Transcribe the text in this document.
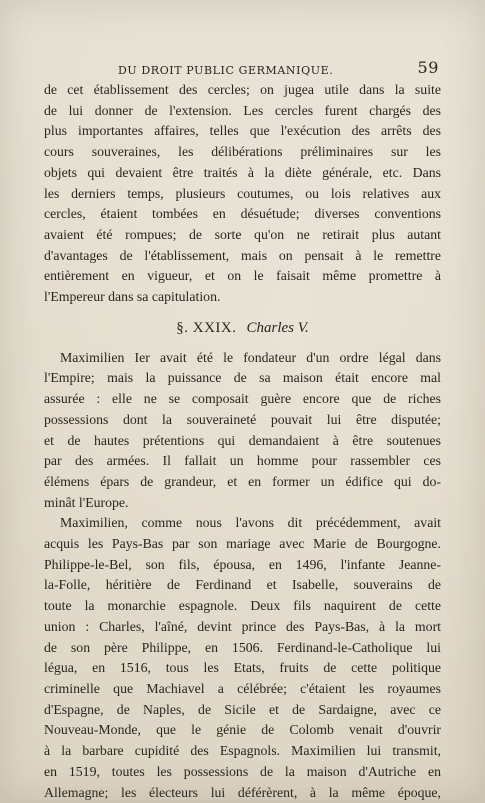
DU DROIT PUBLIC GERMANIQUE.	59
de cet établissement des cercles; on jugea utile dans la suite
de lui donner de l'extension. Les cercles furent chargés des
plus importantes affaires, telles que l'exécution des arrêts des
cours souveraines, les délibérations préliminaires sur les
objets qui devaient être traités à la diète générale, etc. Dans
les derniers temps, plusieurs coutumes, ou lois relatives aux
cercles, étaient tombées en désuétude; diverses conventions
avaient été rompues; de sorte qu'on ne retirait plus autant
d'avantages de l'établissement, mais on pensait à le remettre
entièrement en vigueur, et on le faisait même promettre à
l'Empereur dans sa capitulation.
§. XXIX. Charles V.
Maximilien Ier avait été le fondateur d'un ordre légal dans
l'Empire; mais la puissance de sa maison était encore mal
assurée : elle ne se composait guère encore que de riches
possessions dont la souveraineté pouvait lui être disputée;
et de hautes prétentions qui demandaient à être soutenues
par des armées. Il fallait un homme pour rassembler ces
élémens épars de grandeur, et en former un édifice qui do-
minât l'Europe.
Maximilien, comme nous l'avons dit précédemment, avait
acquis les Pays-Bas par son mariage avec Marie de Bourgogne.
Philippe-le-Bel, son fils, épousa, en 1496, l'infante Jeanne-
la-Folle, héritière de Ferdinand et Isabelle, souverains de
toute la monarchie espagnole. Deux fils naquirent de cette
union : Charles, l'aîné, devint prince des Pays-Bas, à la mort
de son père Philippe, en 1506. Ferdinand-le-Catholique lui
légua, en 1516, tous les Etats, fruits de cette politique
criminelle que Machiavel a célébrée; c'étaient les royaumes
d'Espagne, de Naples, de Sicile et de Sardaigne, avec ce
Nouveau-Monde, que le génie de Colomb venait d'ouvrir
à la barbare cupidité des Espagnols. Maximilien lui transmit,
en 1519, toutes les possessions de la maison d'Autriche en
Allemagne; les électeurs lui déférèrent, à la même époque,
